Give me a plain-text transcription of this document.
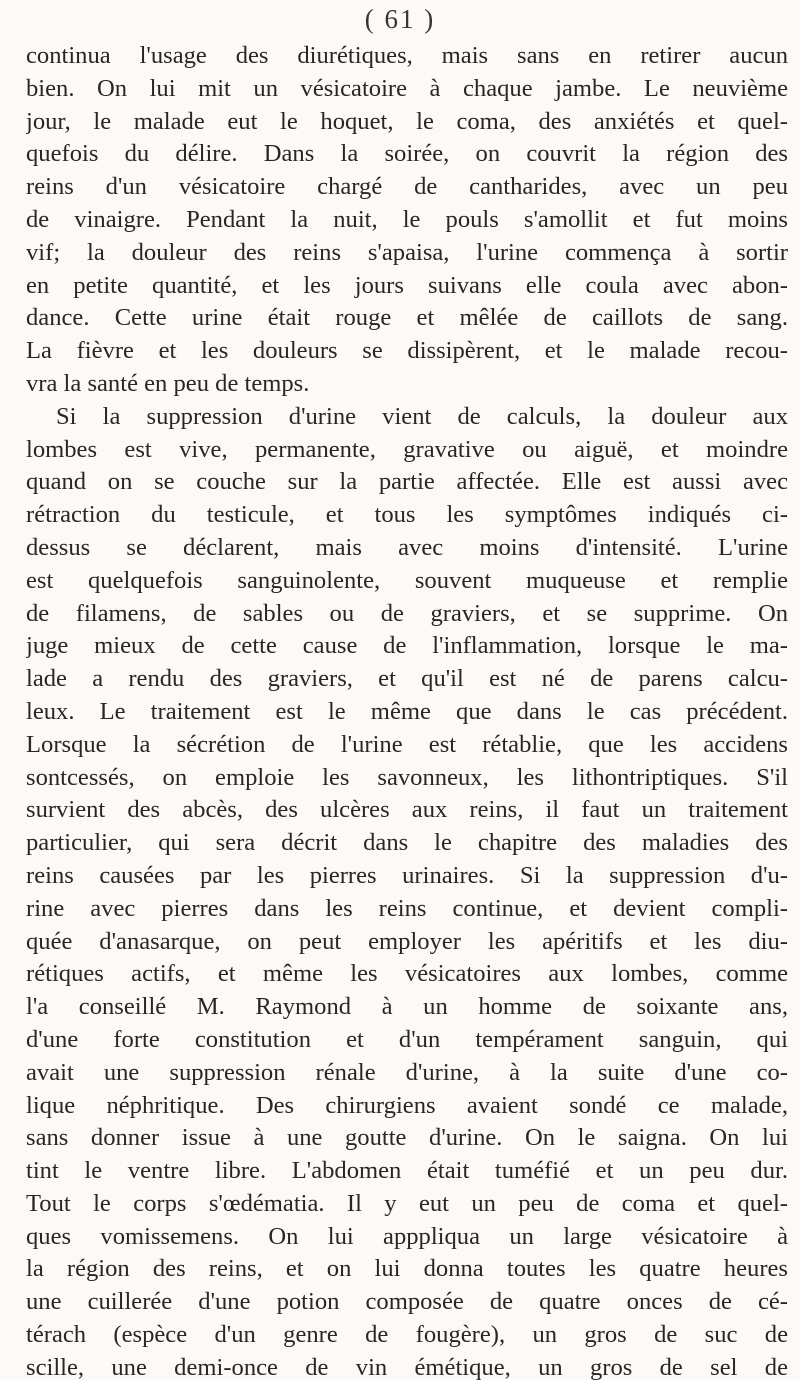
( 61 )
continua l'usage des diurétiques, mais sans en retirer aucun
bien. On lui mit un vésicatoire à chaque jambe. Le neuvième
jour, le malade eut le hoquet, le coma, des anxiétés et quel-
quefois du délire. Dans la soirée, on couvrit la région des
reins d'un vésicatoire chargé de cantharides, avec un peu
de vinaigre. Pendant la nuit, le pouls s'amollit et fut moins
vif; la douleur des reins s'apaisa, l'urine commença à sortir
en petite quantité, et les jours suivans elle coula avec abon-
dance. Cette urine était rouge et mêlée de caillots de sang.
La fièvre et les douleurs se dissipèrent, et le malade recou-
vra la santé en peu de temps.
Si la suppression d'urine vient de calculs, la douleur aux
lombes est vive, permanente, gravative ou aiguë, et moindre
quand on se couche sur la partie affectée. Elle est aussi avec
rétraction du testicule, et tous les symptômes indiqués ci-
dessus se déclarent, mais avec moins d'intensité. L'urine
est quelquefois sanguinolente, souvent muqueuse et remplie
de filamens, de sables ou de graviers, et se supprime. On
juge mieux de cette cause de l'inflammation, lorsque le ma-
lade a rendu des graviers, et qu'il est né de parens calcu-
leux. Le traitement est le même que dans le cas précédent.
Lorsque la sécrétion de l'urine est rétablie, que les accidens
sontcessés, on emploie les savonneux, les lithontriptiques. S'il
survient des abcès, des ulcères aux reins, il faut un traitement
particulier, qui sera décrit dans le chapitre des maladies des
reins causées par les pierres urinaires. Si la suppression d'u-
rine avec pierres dans les reins continue, et devient compli-
quée d'anasarque, on peut employer les apéritifs et les diu-
rétiques actifs, et même les vésicatoires aux lombes, comme
l'a conseillé M. Raymond à un homme de soixante ans,
d'une forte constitution et d'un tempérament sanguin, qui
avait une suppression rénale d'urine, à la suite d'une co-
lique néphritique. Des chirurgiens avaient sondé ce malade,
sans donner issue à une goutte d'urine. On le saigna. On lui
tint le ventre libre. L'abdomen était tuméfié et un peu dur.
Tout le corps s'œdématia. Il y eut un peu de coma et quel-
ques vomissemens. On lui apppliqua un large vésicatoire à
la région des reins, et on lui donna toutes les quatre heures
une cuillerée d'une potion composée de quatre onces de cé-
térach (espèce d'un genre de fougère), un gros de suc de
scille, une demi-once de vin émétique, un gros de sel de
